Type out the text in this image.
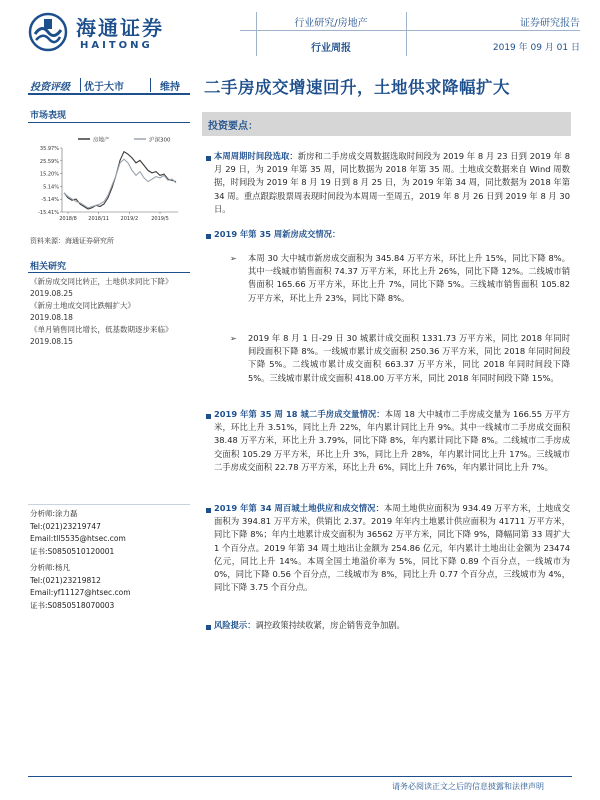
海通证券
HAITONG
行业研究/房地产
行业周报
证券研究报告
2019 年 09 月 01 日
投资评级 优于大市	维持 二手房成交增速回升，土地供求降幅扩大
市场表现
房地产	沪深300
35.97%
25.59%
15.20%
5.14%
-5.14%
-15.41%
2018/8 2018/11 2019/2	2019/5
资料来源：海通证券研究所
相关研究
《新房成交同比转正，土地供求同比下降》
2019.08.25
《新房土地成交同比跌幅扩大》
2019.08.18
《单月销售同比增长，低基数期逐步来临》
2019.08.15
分析师:涂力磊
Tel:(021)23219747
Email:tll5535@htsec.com
证书:S0850510120001
分析师:杨凡
Tel:(021)23219812
Email:yf11127@htsec.com
证书:S0850518070003
投资要点：
本周周期时间段选取：新房和二手房成交周数据选取时间段为 2019 年 8 月 23 日到 2019 年 8 月 29 日，为 2019 年第 35 周，同比数据为 2018 年第 35 周。土地成交数据来自 Wind 周数据，时间段为 2019 年 8 月 19 日到 8 月 25 日，为 2019 年第 34 周，同比数据为 2018 年第 34 周。重点跟踪股票周表现时间段为本周周一至周五，2019 年 8 月 26 日到 2019 年 8 月 30 日。
2019 年第 35 周新房成交情况：
➢ 本周 30 大中城市新房成交面积为 345.84 万平方米，环比上升 15%，同比下降 8%。其中一线城市销售面积 74.37 万平方米，环比上升 26%，同比下降 12%。二线城市销售面积 165.66 万平方米，环比上升 7%，同比下降 5%。三线城市销售面积 105.82 万平方米，环比上升 23%，同比下降 8%。
➢ 2019 年 8 月 1 日-29 日 30 城累计成交面积 1331.73 万平方米，同比 2018 年同时间段面积下降 8%。一线城市累计成交面积 250.36 万平方米，同比 2018 年同时间段下降 5%。二线城市累计成交面积 663.37 万平方米，同比 2018 年同时间段下降 5%。三线城市累计成交面积 418.00 万平方米，同比 2018 年同时间段下降 15%。
2019 年第 35 周 18 城二手房成交量情况：本周 18 大中城市二手房成交量为 166.55 万平方米，环比上升 3.51%，同比上升 22%，年内累计同比上升 9%。其中一线城市二手房成交面积 38.48 万平方米，环比上升 3.79%，同比下降 8%，年内累计同比下降 8%。二线城市二手房成交面积 105.29 万平方米，环比上升 3%，同比上升 28%，年内累计同比上升 17%。三线城市二手房成交面积 22.78 万平方米，环比上升 6%，同比上升 76%，年内累计同比上升 7%。
2019 年第 34 周百城土地供应和成交情况：本周土地供应面积为 934.49 万平方米，土地成交面积为 394.81 万平方米，供销比 2.37。2019 年年内土地累计供应面积为 41711 万平方米，同比下降 8%；年内土地累计成交面积为 36562 万平方米，同比下降 9%，降幅同第 33 周扩大 1 个百分点。2019 年第 34 周土地出让金额为 254.86 亿元，年内累计土地出让金额为 23474 亿元，同比上升 14%。本周全国土地溢价率为 5%，同比下降 0.89 个百分点，一线城市为 0%，同比下降 0.56 个百分点，二线城市为 8%，同比上升 0.77 个百分点，三线城市为 4%，同比下降 3.75 个百分点。
风险提示：调控政策持续收紧，房企销售竞争加剧。
请务必阅读正文之后的信息披露和法律声明
